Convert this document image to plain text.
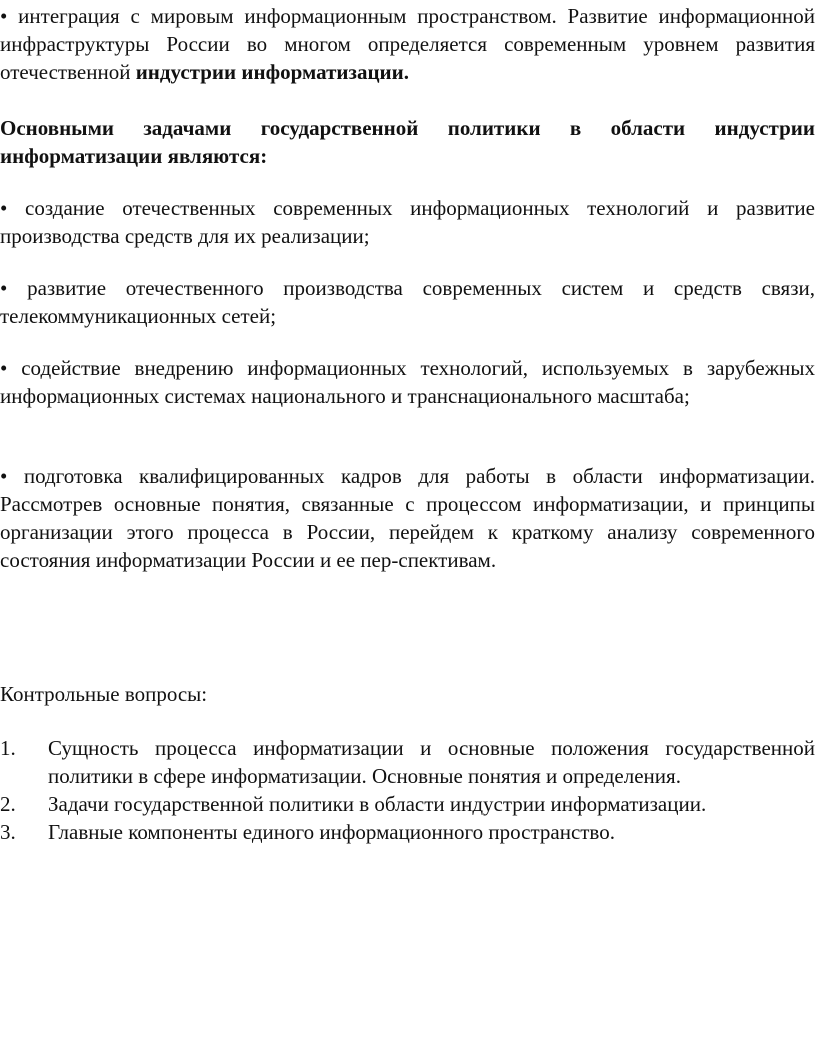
• интеграция с мировым информационным пространством. Развитие информационной инфраструктуры России во многом определяется современным уровнем развития отечественной индустрии информатизации.

Основными задачами государственной политики в области индустрии информатизации являются:

• создание отечественных современных информационных технологий и развитие производства средств для их реализации;

• развитие отечественного производства современных систем и средств связи, телекоммуникационных сетей;

• содействие внедрению информационных технологий, используемых в зарубежных информационных системах национального и транснационального масштаба;

• подготовка квалифицированных кадров для работы в области информатизации. Рассмотрев основные понятия, связанные с процессом информатизации, и принципы организации этого процесса в России, перейдем к краткому анализу современного состояния информатизации России и ее пер-спективам.

Контрольные вопросы:

1. Сущность процесса информатизации и основные положения государственной политики в сфере информатизации. Основные понятия и определения.
2. Задачи государственной политики в области индустрии информатизации.
3. Главные компоненты единого информационного пространство.
